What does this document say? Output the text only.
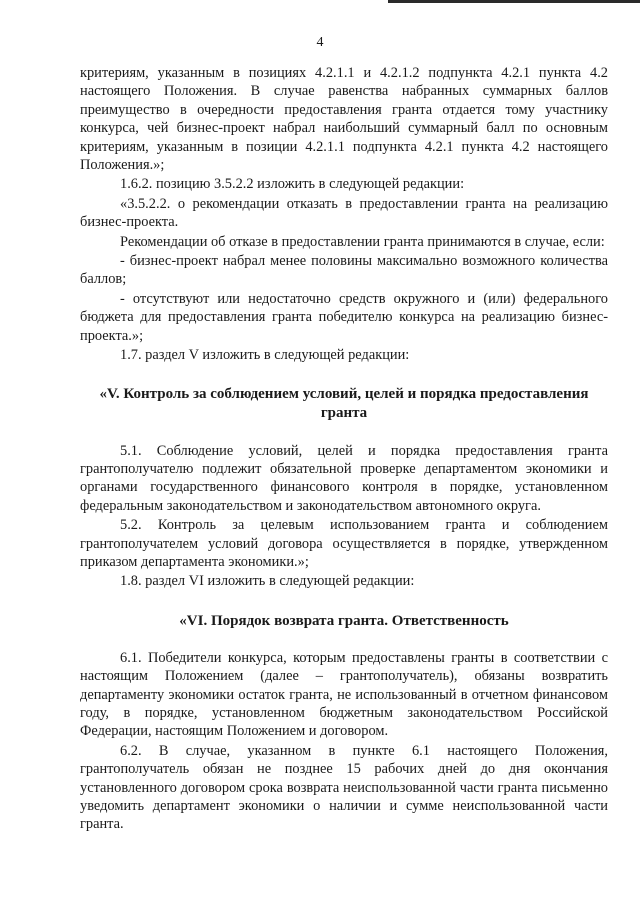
4

критериям, указанным в позициях 4.2.1.1 и 4.2.1.2 подпункта 4.2.1 пункта 4.2 настоящего Положения. В случае равенства набранных суммарных баллов преимущество в очередности предоставления гранта отдается тому участнику конкурса, чей бизнес-проект набрал наибольший суммарный балл по основным критериям, указанным в позиции 4.2.1.1 подпункта 4.2.1 пункта 4.2 настоящего Положения.»;

1.6.2. позицию 3.5.2.2 изложить в следующей редакции:

«3.5.2.2. о рекомендации отказать в предоставлении гранта на реализацию бизнес-проекта.

Рекомендации об отказе в предоставлении гранта принимаются в случае, если:

- бизнес-проект набрал менее половины максимально возможного количества баллов;

- отсутствуют или недостаточно средств окружного и (или) федерального бюджета для предоставления гранта победителю конкурса на реализацию бизнес-проекта.»;

1.7. раздел V изложить в следующей редакции:

«V. Контроль за соблюдением условий, целей и порядка предоставления гранта

5.1. Соблюдение условий, целей и порядка предоставления гранта грантополучателю подлежит обязательной проверке департаментом экономики и органами государственного финансового контроля в порядке, установленном федеральным законодательством и законодательством автономного округа.

5.2. Контроль за целевым использованием гранта и соблюдением грантополучателем условий договора осуществляется в порядке, утвержденном приказом департамента экономики.»;

1.8. раздел VI изложить в следующей редакции:

«VI. Порядок возврата гранта. Ответственность

6.1. Победители конкурса, которым предоставлены гранты в соответствии с настоящим Положением (далее – грантополучатель), обязаны возвратить департаменту экономики остаток гранта, не использованный в отчетном финансовом году, в порядке, установленном бюджетным законодательством Российской Федерации, настоящим Положением и договором.

6.2. В случае, указанном в пункте 6.1 настоящего Положения, грантополучатель обязан не позднее 15 рабочих дней до дня окончания установленного договором срока возврата неиспользованной части гранта письменно уведомить департамент экономики о наличии и сумме неиспользованной части гранта.
